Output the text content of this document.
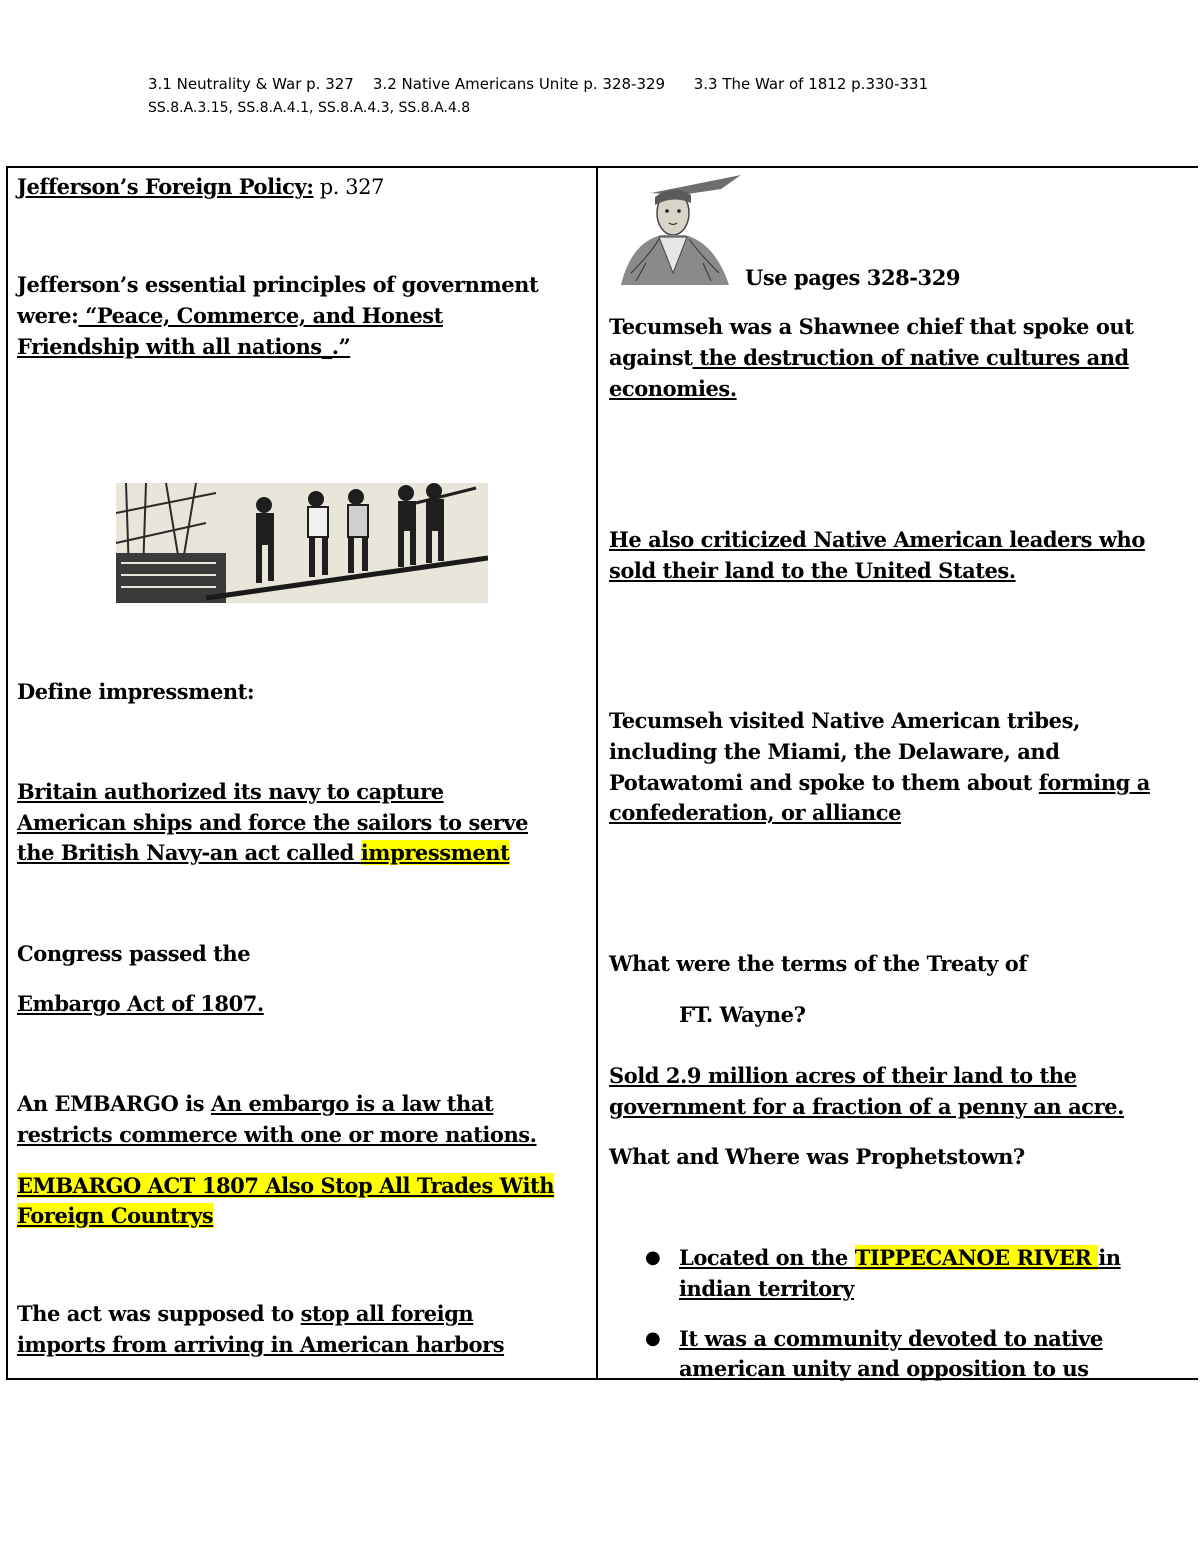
3.1 Neutrality & War p. 327    3.2 Native Americans Unite p. 328-329      3.3 The War of 1812 p.330-331
SS.8.A.3.15, SS.8.A.4.1, SS.8.A.4.3, SS.8.A.4.8
Jefferson’s Foreign Policy: p. 327
Jefferson’s essential principles of government
were: “Peace, Commerce, and Honest
Friendship with all nations_.”
Define impressment:
Britain authorized its navy to capture
American ships and force the sailors to serve
the British Navy-an act called impressment
Congress passed the
Embargo Act of 1807.
An EMBARGO is An embargo is a law that
restricts commerce with one or more nations.
EMBARGO ACT 1807 Also Stop All Trades With
Foreign Countrys
The act was supposed to stop all foreign
imports from arriving in American harbors
Use pages 328-329
Tecumseh was a Shawnee chief that spoke out
against the destruction of native cultures and
economies.
He also criticized Native American leaders who
sold their land to the United States.
Tecumseh visited Native American tribes,
including the Miami, the Delaware, and
Potawatomi and spoke to them about forming a
confederation, or alliance
What were the terms of the Treaty of
FT. Wayne?
Sold 2.9 million acres of their land to the
government for a fraction of a penny an acre.
What and Where was Prophetstown?
● Located on the TIPPECANOE RIVER in
indian territory
● It was a community devoted to native
american unity and opposition to us
